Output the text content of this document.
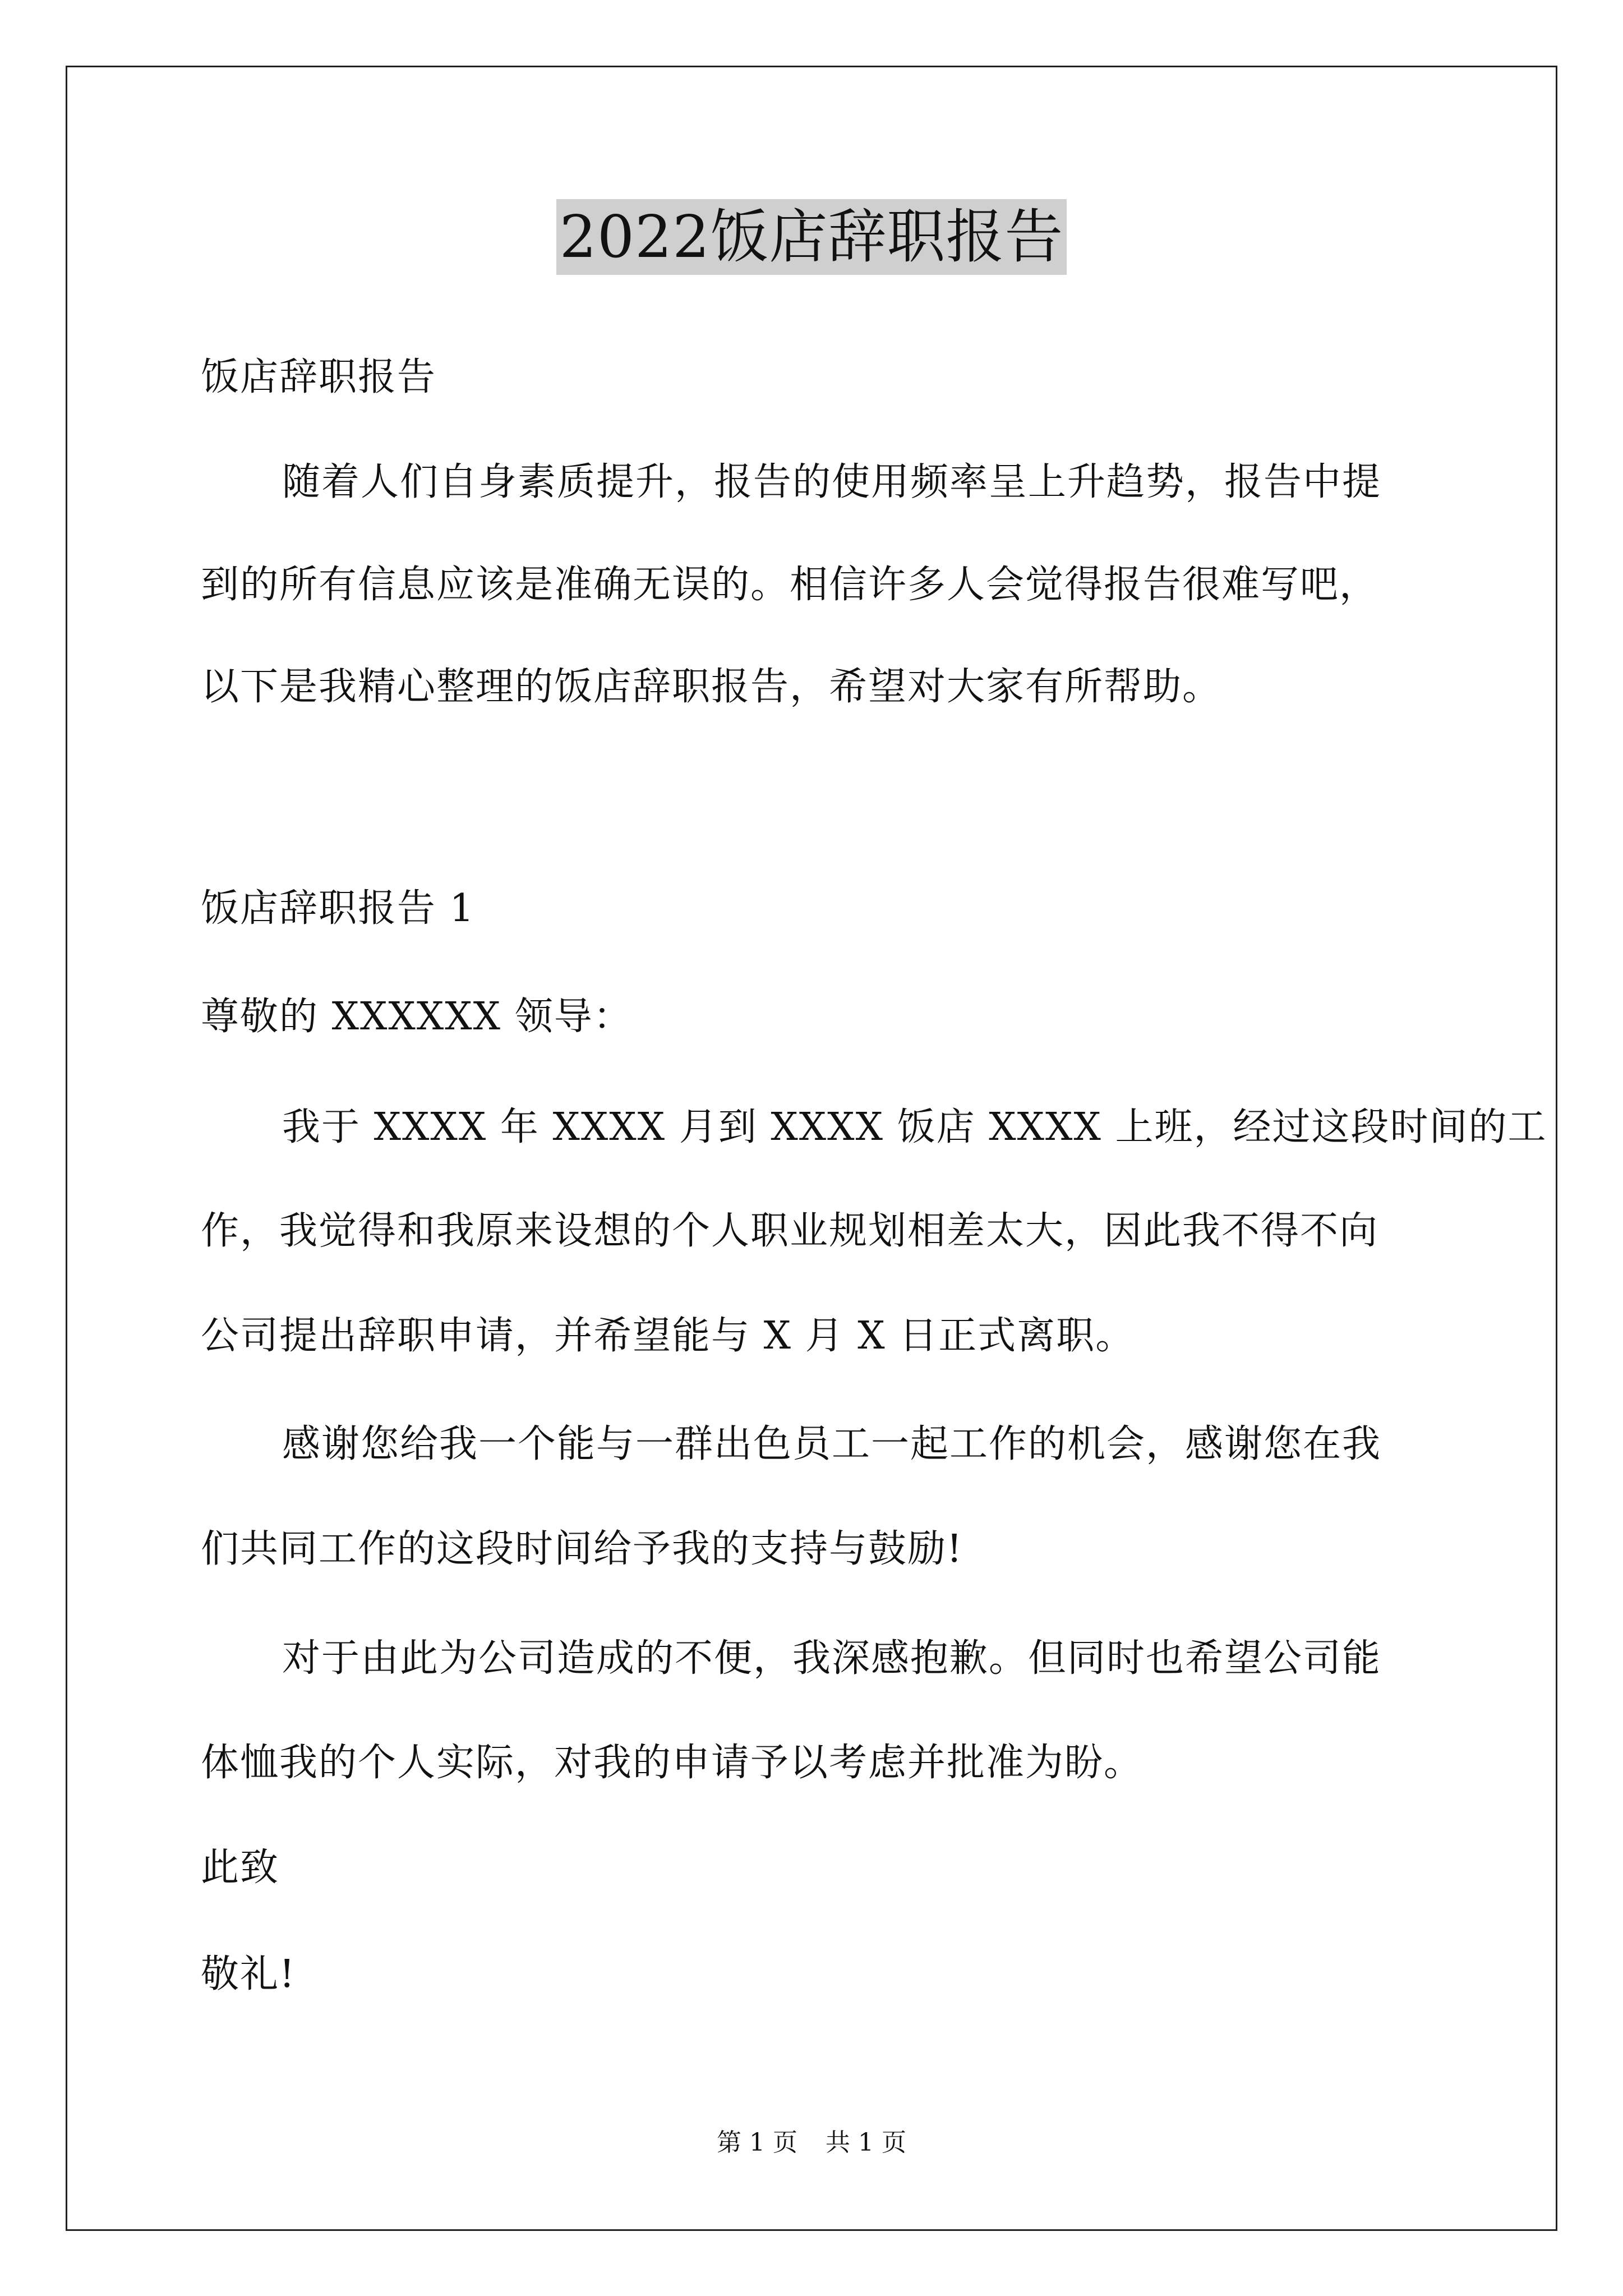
2022饭店辞职报告
饭店辞职报告
随着人们自身素质提升，报告的使用频率呈上升趋势，报告中提
到的所有信息应该是准确无误的。相信许多人会觉得报告很难写吧，
以下是我精心整理的饭店辞职报告，希望对大家有所帮助。
饭店辞职报告 1
尊敬的 XXXXXX 领导：
我于 XXXX 年 XXXX 月到 XXXX 饭店 XXXX 上班，经过这段时间的工
作，我觉得和我原来设想的个人职业规划相差太大，因此我不得不向
公司提出辞职申请，并希望能与 X 月 X 日正式离职。
感谢您给我一个能与一群出色员工一起工作的机会，感谢您在我
们共同工作的这段时间给予我的支持与鼓励!
对于由此为公司造成的不便，我深感抱歉。但同时也希望公司能
体恤我的个人实际，对我的申请予以考虑并批准为盼。
此致
敬礼!
第 1 页 共 1 页
